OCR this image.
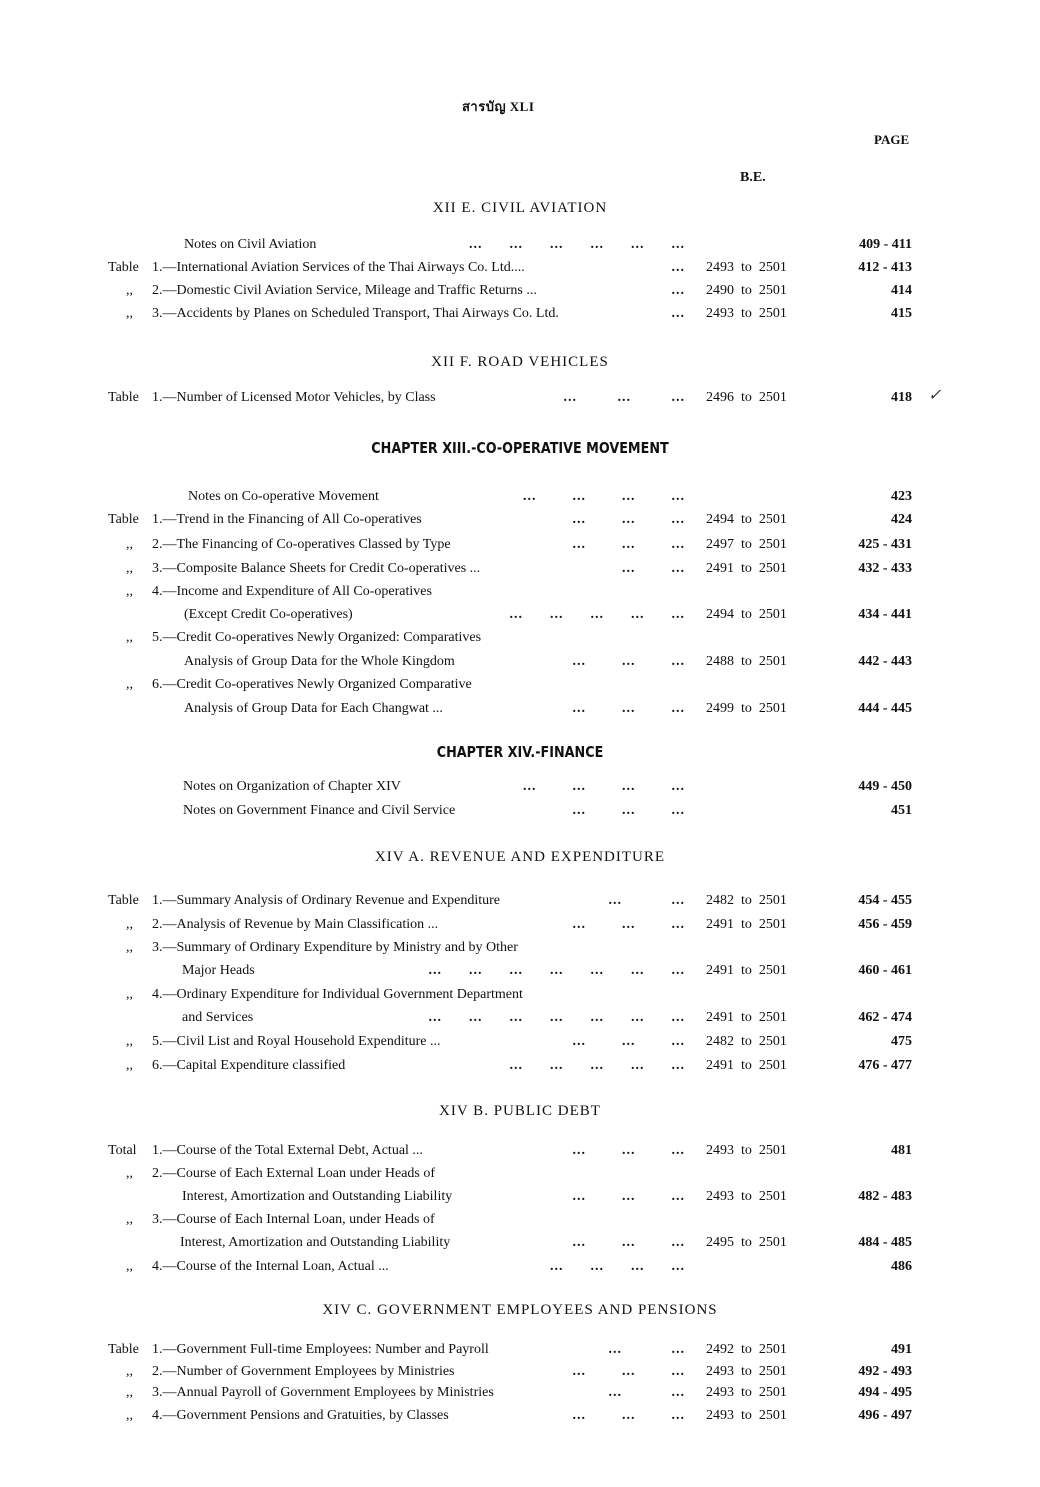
สารบัญ XLI
PAGE
B.E.
XII E. CIVIL AVIATION
XII F. ROAD VEHICLES
CHAPTER XIII.-CO-OPERATIVE MOVEMENT
CHAPTER XIV.-FINANCE
XIV A. REVENUE AND EXPENDITURE
XIV B. PUBLIC DEBT
XIV C. GOVERNMENT EMPLOYEES AND PENSIONS
✓
Notes on Civil Aviation	...      ...      ...      ...      ...      ...	409 - 411
Table 1.—International Aviation Services of the Thai Airways Co. Ltd....	... 2493  to  2501	412 - 413
,, 2.—Domestic Civil Aviation Service, Mileage and Traffic Returns ...	... 2490  to  2501	414
,, 3.—Accidents by Planes on Scheduled Transport, Thai Airways Co. Ltd.	... 2493  to  2501	415
Table 1.—Number of Licensed Motor Vehicles, by Class	...         ...         ... 2496  to  2501	418
Notes on Co-operative Movement	...        ...        ...        ...	423
Table 1.—Trend in the Financing of All Co-operatives	...        ...        ... 2494  to  2501	424
,, 2.—The Financing of Co-operatives Classed by Type	...        ...        ... 2497  to  2501	425 - 431
,, 3.—Composite Balance Sheets for Credit Co-operatives ...	...        ... 2491  to  2501	432 - 433
,, 4.—Income and Expenditure of All Co-operatives
(Except Credit Co-operatives)	...      ...      ...      ...      ... 2494  to  2501	434 - 441
,, 5.—Credit Co-operatives Newly Organized: Comparatives
Analysis of Group Data for the Whole Kingdom	...        ...        ... 2488  to  2501	442 - 443
,, 6.—Credit Co-operatives Newly Organized Comparative
Analysis of Group Data for Each Changwat ...	...        ...        ... 2499  to  2501	444 - 445
Notes on Organization of Chapter XIV	...        ...        ...        ...	449 - 450
Notes on Government Finance and Civil Service	...        ...        ...	451
Table 1.—Summary Analysis of Ordinary Revenue and Expenditure	...           ... 2482  to  2501	454 - 455
,, 2.—Analysis of Revenue by Main Classification ...	...        ...        ... 2491  to  2501	456 - 459
,, 3.—Summary of Ordinary Expenditure by Ministry and by Other
Major Heads	...      ...      ...      ...      ...      ...      ... 2491  to  2501	460 - 461
,, 4.—Ordinary Expenditure for Individual Government Department
and Services	...      ...      ...      ...      ...      ...      ... 2491  to  2501	462 - 474
,, 5.—Civil List and Royal Household Expenditure ...	...        ...        ... 2482  to  2501	475
,, 6.—Capital Expenditure classified	...      ...      ...      ...      ... 2491  to  2501	476 - 477
Total 1.—Course of the Total External Debt, Actual ...	...        ...        ... 2493  to  2501	481
,, 2.—Course of Each External Loan under Heads of
Interest, Amortization and Outstanding Liability	...        ...        ... 2493  to  2501	482 - 483
,, 3.—Course of Each Internal Loan, under Heads of
Interest, Amortization and Outstanding Liability	...        ...        ... 2495  to  2501	484 - 485
,, 4.—Course of the Internal Loan, Actual ...	...      ...      ...      ...	486
Table 1.—Government Full-time Employees: Number and Payroll	...           ... 2492  to  2501	491
,, 2.—Number of Government Employees by Ministries	...        ...        ... 2493  to  2501	492 - 493
,, 3.—Annual Payroll of Government Employees by Ministries	...           ... 2493  to  2501	494 - 495
,, 4.—Government Pensions and Gratuities, by Classes	...        ...        ... 2493  to  2501	496 - 497
